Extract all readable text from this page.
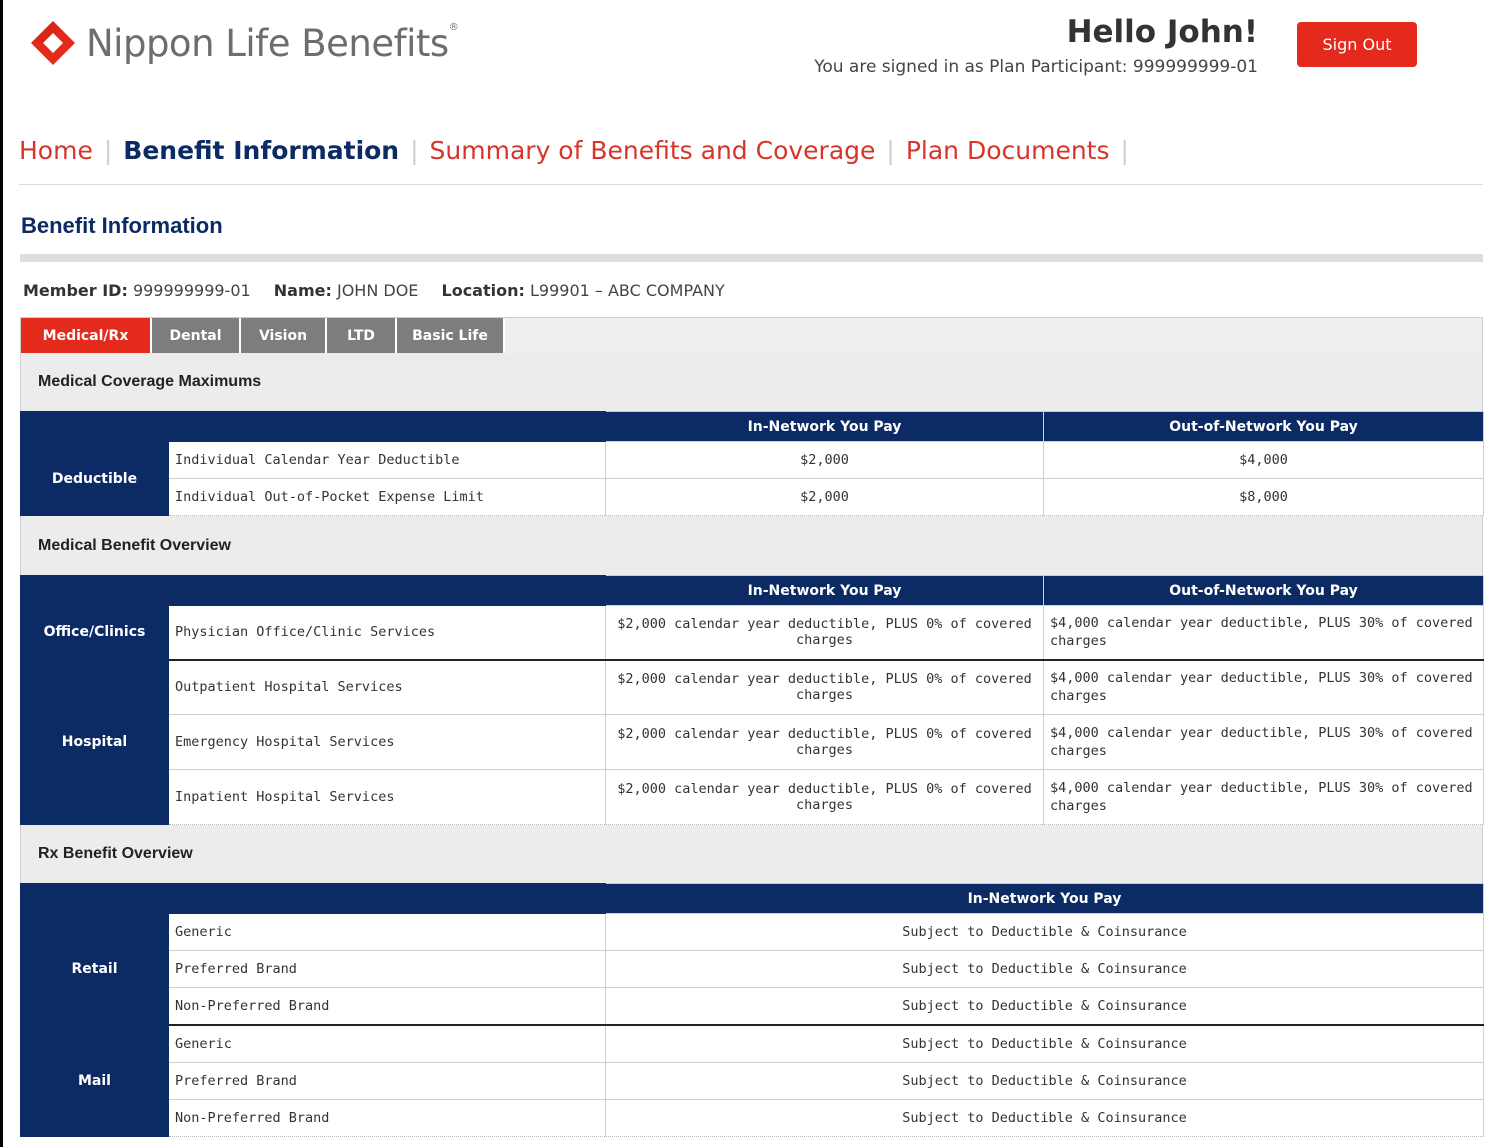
Nippon Life Benefits®	Hello John!
You are signed in as Plan Participant: 999999999-01
Sign Out
Home | Benefit Information | Summary of Benefits and Coverage | Plan Documents |
Benefit Information
Member ID: 999999999-01 Name: JOHN DOE Location: L99901 – ABC COMPANY
Medical/Rx	Dental	Vision	LTD	Basic Life
Medical Coverage Maximums
		In-Network You Pay	Out-of-Network You Pay
Deductible	Individual Calendar Year Deductible	$2,000	$4,000
	Individual Out-of-Pocket Expense Limit	$2,000	$8,000
Medical Benefit Overview
		In-Network You Pay	Out-of-Network You Pay
Office/Clinics	Physician Office/Clinic Services	$2,000 calendar year deductible, PLUS 0% of covered charges	$4,000 calendar year deductible, PLUS 30% of covered charges
Hospital	Outpatient Hospital Services	$2,000 calendar year deductible, PLUS 0% of covered charges	$4,000 calendar year deductible, PLUS 30% of covered charges
	Emergency Hospital Services	$2,000 calendar year deductible, PLUS 0% of covered charges	$4,000 calendar year deductible, PLUS 30% of covered charges
	Inpatient Hospital Services	$2,000 calendar year deductible, PLUS 0% of covered charges	$4,000 calendar year deductible, PLUS 30% of covered charges
Rx Benefit Overview
		In-Network You Pay
Retail	Generic	Subject to Deductible & Coinsurance
	Preferred Brand	Subject to Deductible & Coinsurance
	Non-Preferred Brand	Subject to Deductible & Coinsurance
Mail	Generic	Subject to Deductible & Coinsurance
	Preferred Brand	Subject to Deductible & Coinsurance
	Non-Preferred Brand	Subject to Deductible & Coinsurance
